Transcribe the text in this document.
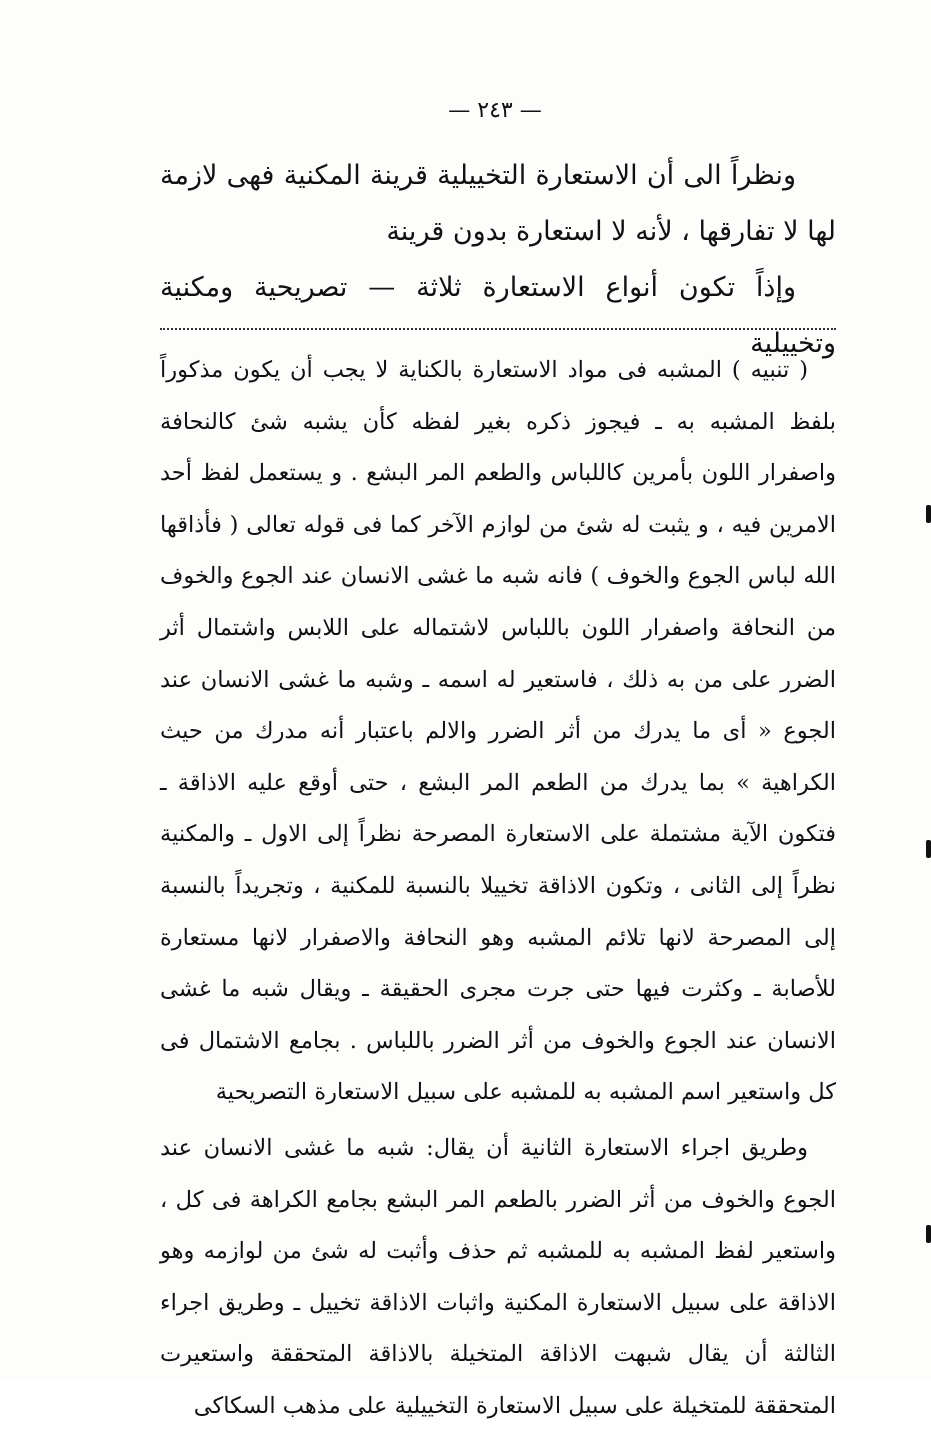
— ٢٤٣ —

ونظراً الى أن الاستعارة التخييلية قرينة المكنية فهى لازمة لها لا تفارقها ، لأنه لا استعارة بدون قرينة

وإذاً تكون أنواع الاستعارة ثلاثة — تصريحية ومكنية وتخييلية

( تنبيه ) المشبه فى مواد الاستعارة بالكناية لا يجب أن يكون مذكوراً بلفظ المشبه به ـ فيجوز ذكره بغير لفظه كأن يشبه شئ كالنحافة واصفرار اللون بأمرين كاللباس والطعم المر البشع . و يستعمل لفظ أحد الامرين فيه ، و يثبت له شئ من لوازم الآخر كما فى قوله تعالى ( فأذاقها الله لباس الجوع والخوف ) فانه شبه ما غشى الانسان عند الجوع والخوف من النحافة واصفرار اللون باللباس لاشتماله على اللابس واشتمال أثر الضرر على من به ذلك ، فاستعير له اسمه ـ وشبه ما غشى الانسان عند الجوع « أى ما يدرك من أثر الضرر والالم باعتبار أنه مدرك من حيث الكراهية » بما يدرك من الطعم المر البشع ، حتى أوقع عليه الاذاقة ـ فتكون الآية مشتملة على الاستعارة المصرحة نظراً إلى الاول ـ والمكنية نظراً إلى الثانى ، وتكون الاذاقة تخييلا بالنسبة للمكنية ، وتجريداً بالنسبة إلى المصرحة لانها تلائم المشبه وهو النحافة والاصفرار لانها مستعارة للأصابة ـ وكثرت فيها حتى جرت مجرى الحقيقة ـ ويقال شبه ما غشى الانسان عند الجوع والخوف من أثر الضرر باللباس . بجامع الاشتمال فى كل واستعير اسم المشبه به للمشبه على سبيل الاستعارة التصريحية

وطريق اجراء الاستعارة الثانية أن يقال: شبه ما غشى الانسان عند الجوع والخوف من أثر الضرر بالطعم المر البشع بجامع الكراهة فى كل ، واستعير لفظ المشبه به للمشبه ثم حذف وأثبت له شئ من لوازمه وهو الاذاقة على سبيل الاستعارة المكنية واثبات الاذاقة تخييل ـ وطريق اجراء الثالثة أن يقال شبهت الاذاقة المتخيلة بالاذاقة المتحققة واستعيرت المتحققة للمتخيلة على سبيل الاستعارة التخييلية على مذهب السكاكى
